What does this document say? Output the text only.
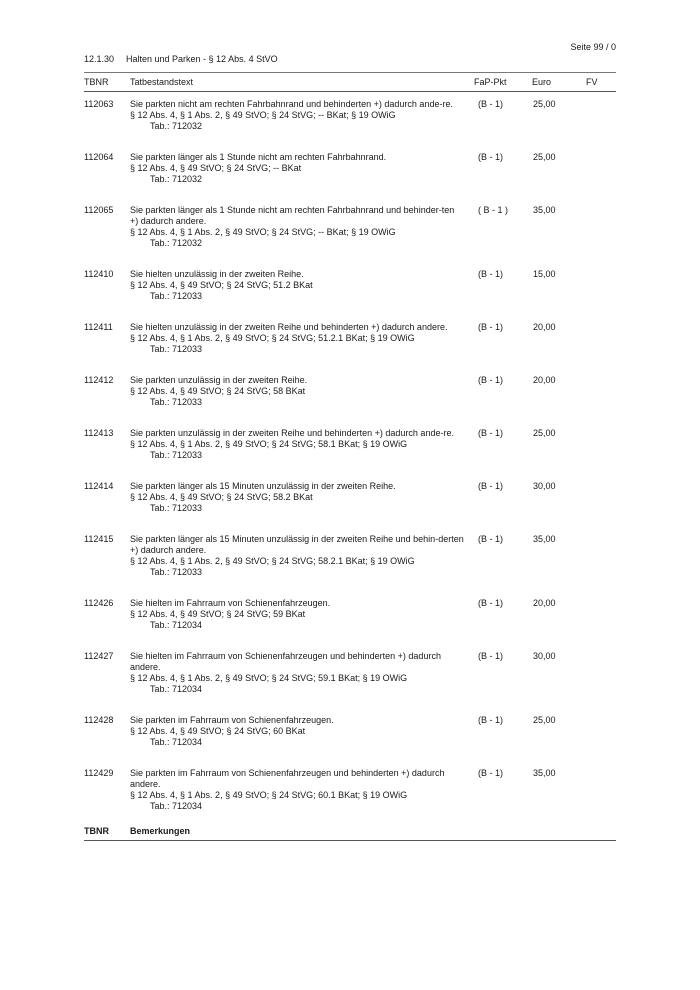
Seite 99 / 0
12.1.30 Halten und Parken - § 12 Abs. 4 StVO
TBNR Tatbestandstext	FaP-Pkt	Euro	FV
112063 Sie parkten nicht am rechten Fahrbahnrand und behinderten +) dadurch ande-re.
§ 12 Abs. 4, § 1 Abs. 2, § 49 StVO; § 24 StVG; -- BKat; § 19 OWiG
Tab.: 712032
(B - 1)	25,00
112064 Sie parkten länger als 1 Stunde nicht am rechten Fahrbahnrand.
§ 12 Abs. 4, § 49 StVO; § 24 StVG; -- BKat
Tab.: 712032
(B - 1)	25,00
112065 Sie parkten länger als 1 Stunde nicht am rechten Fahrbahnrand und behinder-ten +) dadurch andere.
§ 12 Abs. 4, § 1 Abs. 2, § 49 StVO; § 24 StVG; -- BKat; § 19 OWiG
Tab.: 712032
( B - 1 )	35,00
112410 Sie hielten unzulässig in der zweiten Reihe.
§ 12 Abs. 4, § 49 StVO; § 24 StVG; 51.2 BKat
Tab.: 712033
(B - 1)	15,00
112411 Sie hielten unzulässig in der zweiten Reihe und behinderten +) dadurch andere.
§ 12 Abs. 4, § 1 Abs. 2, § 49 StVO; § 24 StVG; 51.2.1 BKat; § 19 OWiG
Tab.: 712033
(B - 1)	20,00
112412 Sie parkten unzulässig in der zweiten Reihe.
§ 12 Abs. 4, § 49 StVO; § 24 StVG; 58 BKat
Tab.: 712033
(B - 1)	20,00
112413 Sie parkten unzulässig in der zweiten Reihe und behinderten +) dadurch ande-re.
§ 12 Abs. 4, § 1 Abs. 2, § 49 StVO; § 24 StVG; 58.1 BKat; § 19 OWiG
Tab.: 712033
(B - 1)	25,00
112414 Sie parkten länger als 15 Minuten unzulässig in der zweiten Reihe.
§ 12 Abs. 4, § 49 StVO; § 24 StVG; 58.2 BKat
Tab.: 712033
(B - 1)	30,00
112415 Sie parkten länger als 15 Minuten unzulässig in der zweiten Reihe und behin-derten +) dadurch andere.
§ 12 Abs. 4, § 1 Abs. 2, § 49 StVO; § 24 StVG; 58.2.1 BKat; § 19 OWiG
Tab.: 712033
(B - 1)	35,00
112426 Sie hielten im Fahrraum von Schienenfahrzeugen.
§ 12 Abs. 4, § 49 StVO; § 24 StVG; 59 BKat
Tab.: 712034
(B - 1)	20,00
112427 Sie hielten im Fahrraum von Schienenfahrzeugen und behinderten +) dadurch andere.
§ 12 Abs. 4, § 1 Abs. 2, § 49 StVO; § 24 StVG; 59.1 BKat; § 19 OWiG
Tab.: 712034
(B - 1)	30,00
112428 Sie parkten im Fahrraum von Schienenfahrzeugen.
§ 12 Abs. 4, § 49 StVO; § 24 StVG; 60 BKat
Tab.: 712034
(B - 1)	25,00
112429 Sie parkten im Fahrraum von Schienenfahrzeugen und behinderten +) dadurch andere.
§ 12 Abs. 4, § 1 Abs. 2, § 49 StVO; § 24 StVG; 60.1 BKat; § 19 OWiG
Tab.: 712034
(B - 1)	35,00
TBNR Bemerkungen
